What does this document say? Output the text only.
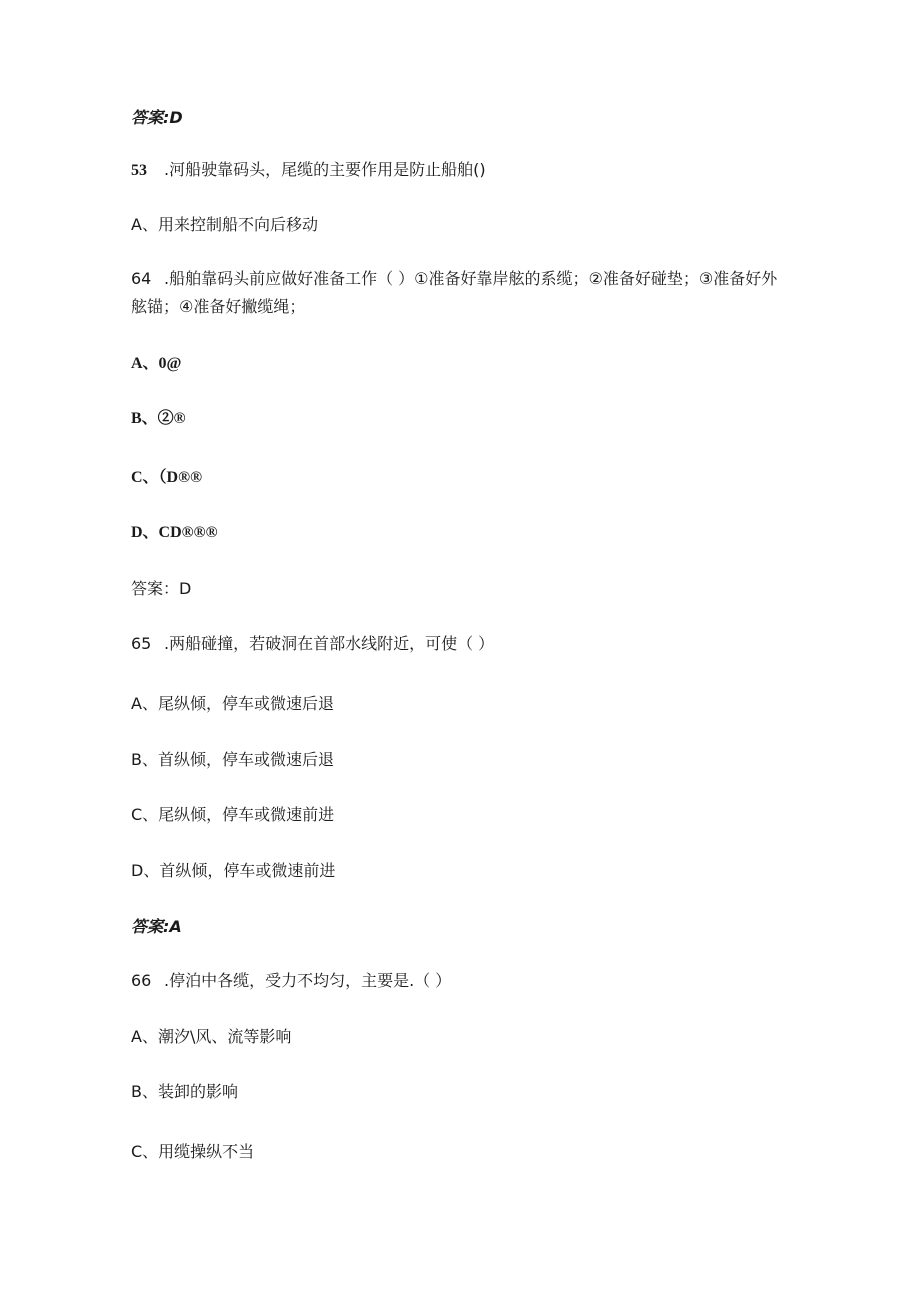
答案:D
53 .河船驶靠码头，尾缆的主要作用是防止船舶()
A、用来控制船不向后移动
64 .船舶靠码头前应做好准备工作（ ）①准备好靠岸舷的系缆；②准备好碰垫；③准备好外舷锚；④准备好撇缆绳；
A、0@
B、②®
C、（D®®
D、CD®®®
答案：D
65 .两船碰撞，若破洞在首部水线附近，可使（ ）
A、尾纵倾，停车或微速后退
B、首纵倾，停车或微速后退
C、尾纵倾，停车或微速前进
D、首纵倾，停车或微速前进
答案:A
66 .停泊中各缆，受力不均匀，主要是.（ ）
A、潮汐\风、流等影响
B、装卸的影响
C、用缆操纵不当
